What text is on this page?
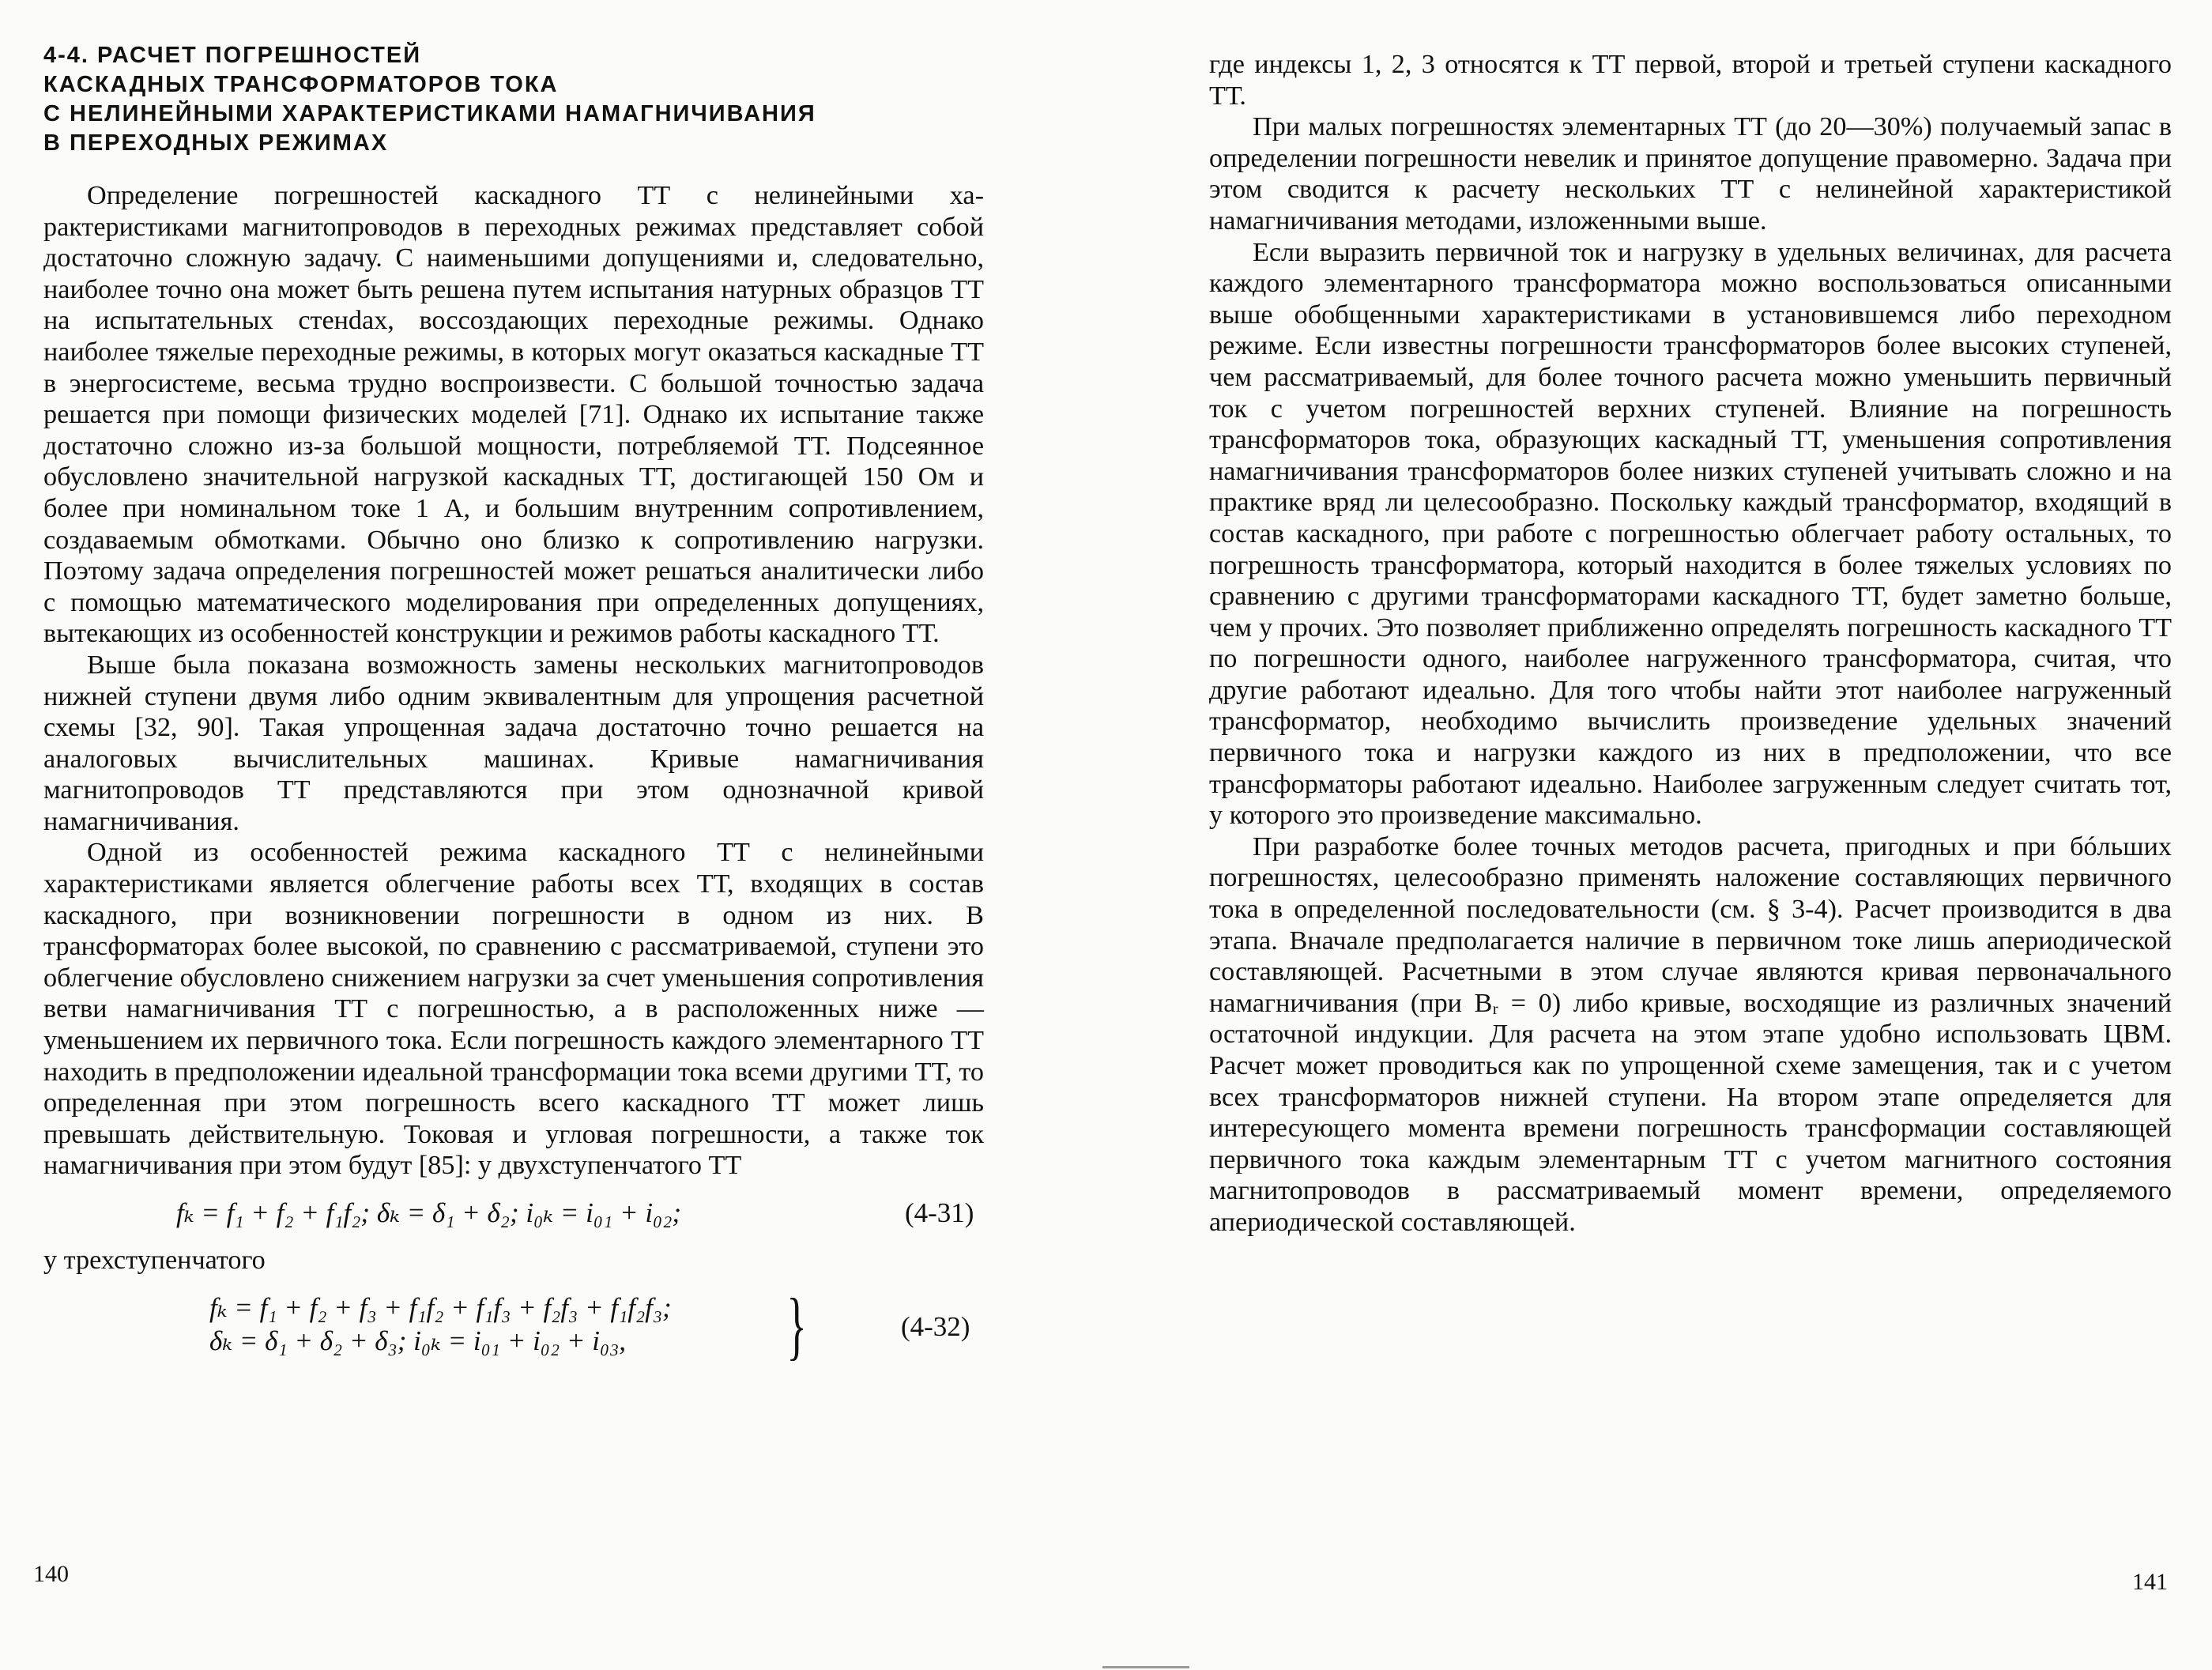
4-4. РАСЧЕТ ПОГРЕШНОСТЕЙ
КАСКАДНЫХ ТРАНСФОРМАТОРОВ ТОКА
С НЕЛИНЕЙНЫМИ ХАРАКТЕРИСТИКАМИ НАМАГНИЧИВАНИЯ
В ПЕРЕХОДНЫХ РЕЖИМАХ

Определение погрешностей каскадного ТТ с нелинейными характеристиками магнитопроводов в переходных режимах представляет собой достаточно сложную задачу. С наименьшими допущениями и, следовательно, наиболее точно она может быть решена путем испытания натурных образцов ТТ на испытательных стенdах, воссоздающих переходные режимы. Однако наиболее тяжелые переходные режимы, в которых могут оказаться каскадные ТТ в энергосистеме, весьма трудно воспроизвести. С большой точностью задача решается при помощи физических моделей [71]. Однако их испытание также достаточно сложно из-за большой мощности, потребляемой ТТ. Подсеянное обусловлено значительной нагрузкой каскадных ТТ, достигающей 150 Ом и более при номинальном токе 1 А, и большим внутренним сопротивлением, создаваемым обмотками. Обычно оно близко к сопротивлению нагрузки. Поэтому задача определения погрешностей может решаться аналитически либо с помощью математического моделирования при определенных допущениях, вытекающих из особенностей конструкции и режимов работы каскадного ТТ.

Выше была показана возможность замены нескольких магнитопроводов нижней ступени двумя либо одним эквивалентным для упрощения расчетной схемы [32, 90]. Такая упрощенная задача достаточно точно решается на аналоговых вычислительных машинах. Кривые намагничивания магнитопроводов ТТ представляются при этом однозначной кривой намагничивания.

Одной из особенностей режима каскадного ТТ с нелинейными характеристиками является облегчение работы всех ТТ, входящих в состав каскадного, при возникновении погрешности в одном из них. В трансформаторах более высокой, по сравнению с рассматриваемой, ступени это облегчение обусловлено снижением нагрузки за счет уменьшения сопротивления ветви намагничивания ТТ с погрешностью, а в расположенных ниже — уменьшением их первичного тока. Если погрешность каждого элементарного ТТ находить в предположении идеальной трансформации тока всеми другими ТТ, то определенная при этом погрешность всего каскадного ТТ может лишь превышать действительную. Токовая и угловая погрешности, а также ток намагничивания при этом будут [85]: у двухступенчатого ТТ

fₖ = f₁ + f₂ + f₁f₂; δₖ = δ₁ + δ₂; i₀ₖ = i₀₁ + i₀₂;	(4-31)

у трехступенчатого

fₖ = f₁ + f₂ + f₃ + f₁f₂ + f₁f₃ + f₂f₃ + f₁f₂f₃;
δₖ = δ₁ + δ₂ + δ₃; i₀ₖ = i₀₁ + i₀₂ + i₀₃, }	(4-32)
140

где индексы 1, 2, 3 относятся к ТТ первой, второй и третьей ступени каскадного ТТ.

При малых погрешностях элементарных ТТ (до 20—30%) получаемый запас в определении погрешности невелик и принятое допущение правомерно. Задача при этом сводится к расчету нескольких ТТ с нелинейной характеристикой намагничивания методами, изложенными выше.

Если выразить первичной ток и нагрузку в удельных величинах, для расчета каждого элементарного трансформатора можно воспользоваться описанными выше обобщенными характеристиками в установившемся либо переходном режиме. Если известны погрешности трансформаторов более высоких ступеней, чем рассматриваемый, для более точного расчета можно уменьшить первичный ток с учетом погрешностей верхних ступеней. Влияние на погрешность трансформаторов тока, образующих каскадный ТТ, уменьшения сопротивления намагничивания трансформаторов более низких ступеней учитывать сложно и на практике вряд ли целесообразно. Поскольку каждый трансформатор, входящий в состав каскадного, при работе с погрешностью облегчает работу остальных, то погрешность трансформатора, который находится в более тяжелых условиях по сравнению с другими трансформаторами каскадного ТТ, будет заметно больше, чем у прочих. Это позволяет приближенно определять погрешность каскадного ТТ по погрешности одного, наиболее нагруженного трансформатора, считая, что другие работают идеально. Для того чтобы найти этот наиболее нагруженный трансформатор, необходимо вычислить произведение удельных значений первичного тока и нагрузки каждого из них в предположении, что все трансформаторы работают идеально. Наиболее загруженным следует считать тот, у которого это произведение максимально.

При разработке более точных методов расчета, пригодных и при бóльших погрешностях, целесообразно применять наложение составляющих первичного тока в определенной последовательности (см. § 3-4). Расчет производится в два этапа. Вначале предполагается наличие в первичном токе лишь апериодической составляющей. Расчетными в этом случае являются кривая первоначального намагничивания (при Bᵣ = 0) либо кривые, восходящие из различных значений остаточной индукции. Для расчета на этом этапе удобно использовать ЦВМ. Расчет может проводиться как по упрощенной схеме замещения, так и с учетом всех трансформаторов нижней ступени. На втором этапе определяется для интересующего момента времени погрешность трансформации составляющей первичного тока каждым элементарным ТТ с учетом магнитного состояния магнитопроводов в рассматриваемый момент времени, определяемого апериодической составляющей.

141
